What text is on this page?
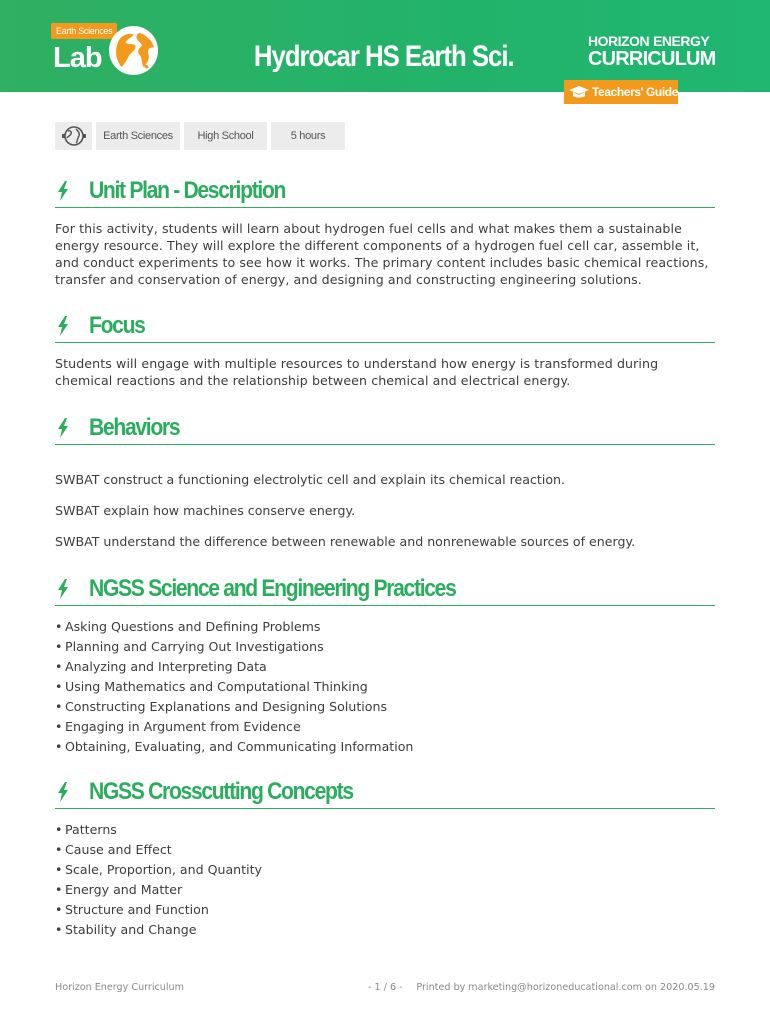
Earth Sciences
Lab	Hydrocar HS Earth Sci.	HORIZON ENERGY
CURRICULUM
Teachers' Guide
Earth Sciences	High School	5 hours
Unit Plan - Description

For this activity, students will learn about hydrogen fuel cells and what makes them a sustainable energy resource. They will explore the different components of a hydrogen fuel cell car, assemble it, and conduct experiments to see how it works. The primary content includes basic chemical reactions, transfer and conservation of energy, and designing and constructing engineering solutions.

Focus

Students will engage with multiple resources to understand how energy is transformed during chemical reactions and the relationship between chemical and electrical energy.

Behaviors
SWBAT construct a functioning electrolytic cell and explain its chemical reaction.
SWBAT explain how machines conserve energy.
SWBAT understand the difference between renewable and nonrenewable sources of energy.
NGSS Science and Engineering Practices
• Asking Questions and Defining Problems
• Planning and Carrying Out Investigations
• Analyzing and Interpreting Data
• Using Mathematics and Computational Thinking
• Constructing Explanations and Designing Solutions
• Engaging in Argument from Evidence
• Obtaining, Evaluating, and Communicating Information
NGSS Crosscutting Concepts
• Patterns
• Cause and Effect
• Scale, Proportion, and Quantity
• Energy and Matter
• Structure and Function
• Stability and Change
Horizon Energy Curriculum	- 1 / 6 - Printed by marketing@horizoneducational.com on 2020.05.19
